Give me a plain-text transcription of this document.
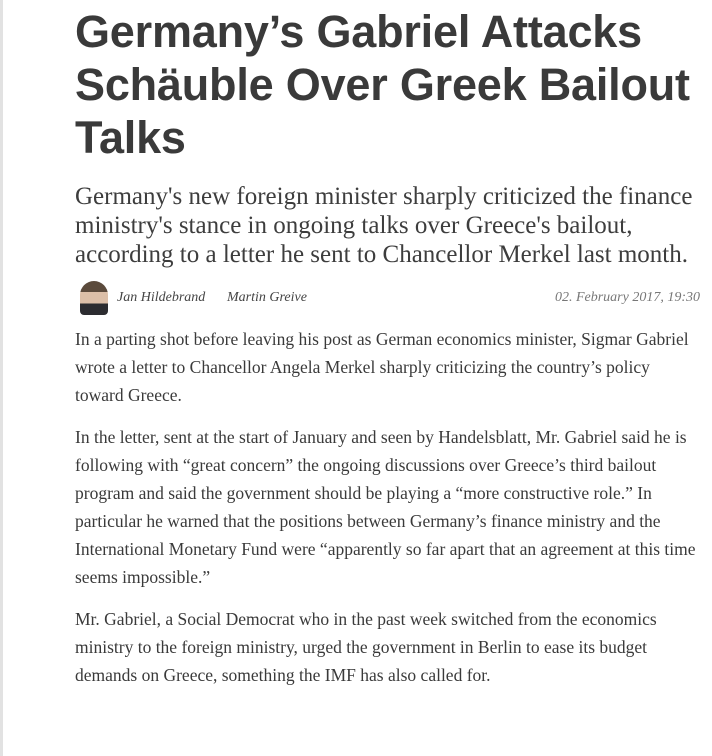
Germany’s Gabriel Attacks Schäuble Over Greek Bailout Talks

Germany's new foreign minister sharply criticized the finance ministry's stance in ongoing talks over Greece's bailout, according to a letter he sent to Chancellor Merkel last month.

Jan Hildebrand Martin Greive	02. February 2017, 19:30

In a parting shot before leaving his post as German economics minister, Sigmar Gabriel wrote a letter to Chancellor Angela Merkel sharply criticizing the country’s policy toward Greece.

In the letter, sent at the start of January and seen by Handelsblatt, Mr. Gabriel said he is following with “great concern” the ongoing discussions over Greece’s third bailout program and said the government should be playing a “more constructive role.” In particular he warned that the positions between Germany’s finance ministry and the International Monetary Fund were “apparently so far apart that an agreement at this time seems impossible.”

Mr. Gabriel, a Social Democrat who in the past week switched from the economics ministry to the foreign ministry, urged the government in Berlin to ease its budget demands on Greece, something the IMF has also called for.
